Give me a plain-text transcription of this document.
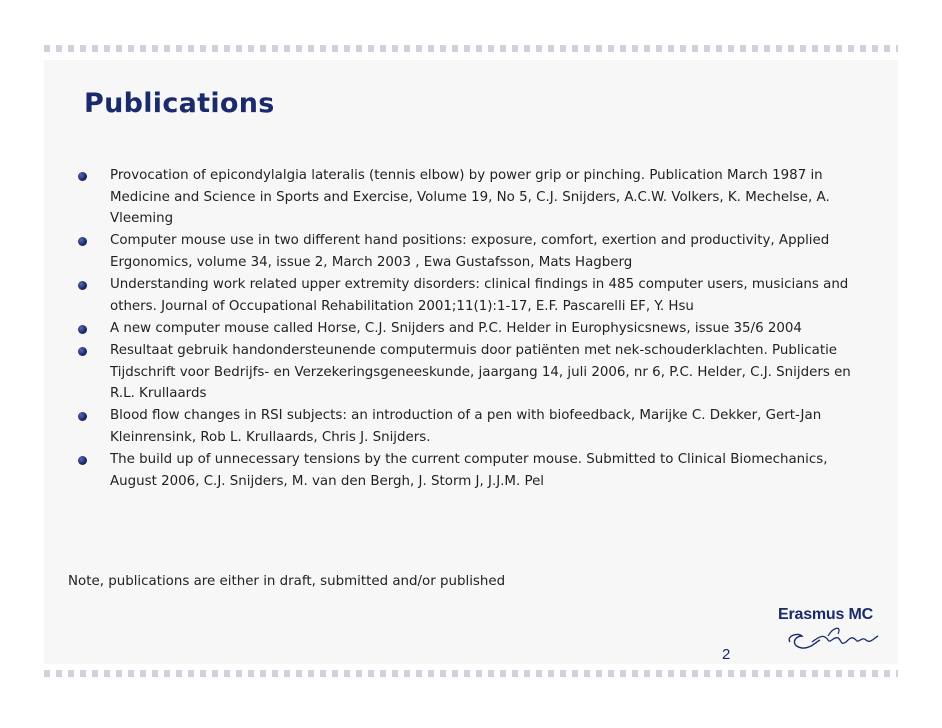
Publications
Provocation of epicondylalgia lateralis (tennis elbow) by power grip or pinching. Publication March 1987 in Medicine and Science in Sports and Exercise, Volume 19, No 5, C.J. Snijders, A.C.W. Volkers, K. Mechelse, A. Vleeming
Computer mouse use in two different hand positions: exposure, comfort, exertion and productivity, Applied Ergonomics, volume 34, issue 2, March 2003 , Ewa Gustafsson, Mats Hagberg
Understanding work related upper extremity disorders: clinical findings in 485 computer users, musicians and others. Journal of Occupational Rehabilitation 2001;11(1):1-17, E.F. Pascarelli EF, Y. Hsu
A new computer mouse called Horse, C.J. Snijders and P.C. Helder in Europhysicsnews, issue 35/6 2004
Resultaat gebruik handondersteunende computermuis door patiënten met nek-schouderklachten. Publicatie Tijdschrift voor Bedrijfs- en Verzekeringsgeneeskunde, jaargang 14, juli 2006, nr 6, P.C. Helder, C.J. Snijders en R.L. Krullaards
Blood flow changes in RSI subjects: an introduction of a pen with biofeedback, Marijke C. Dekker, Gert-Jan Kleinrensink, Rob L. Krullaards, Chris J. Snijders.
The build up of unnecessary tensions by the current computer mouse. Submitted to Clinical Biomechanics, August 2006, C.J. Snijders, M. van den Bergh, J. Storm J, J.J.M. Pel
Note, publications are either in draft, submitted and/or published
Erasmus MC
2
